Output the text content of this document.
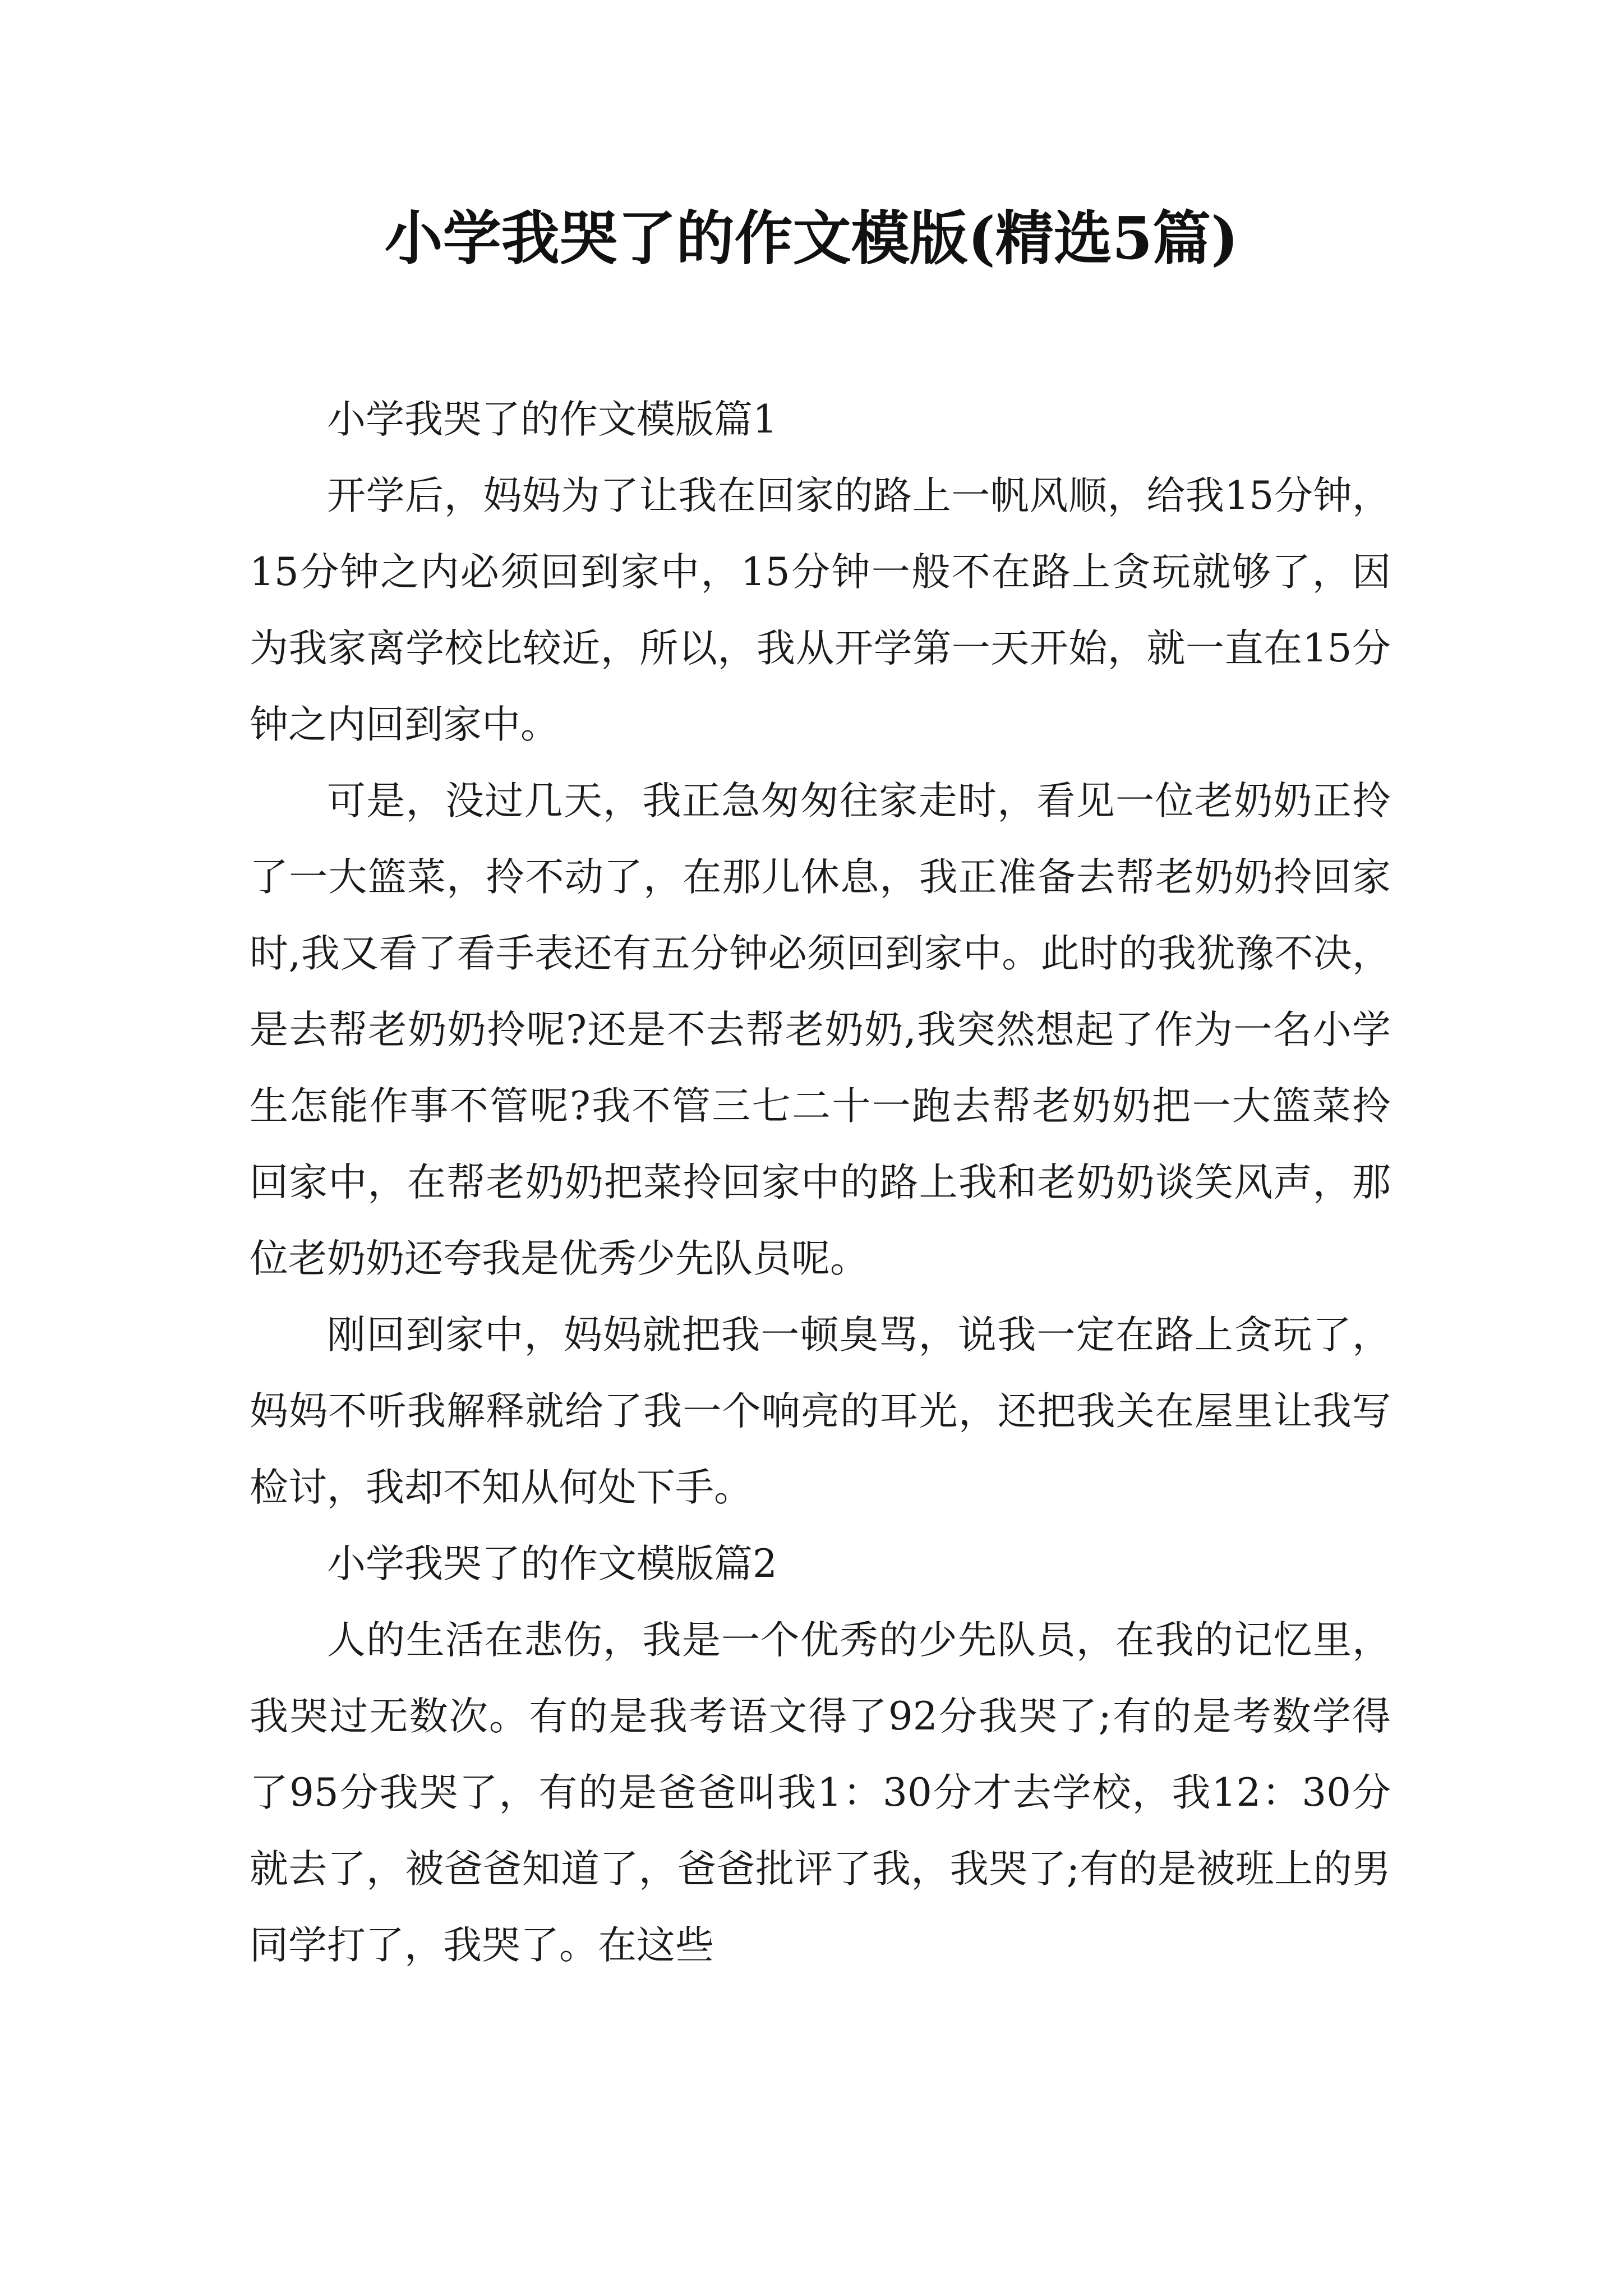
小学我哭了的作文模版(精选5篇)

小学我哭了的作文模版篇1

开学后，妈妈为了让我在回家的路上一帆风顺，给我15分钟，15分钟之内必须回到家中，15分钟一般不在路上贪玩就够了，因为我家离学校比较近，所以，我从开学第一天开始，就一直在15分钟之内回到家中。

可是，没过几天，我正急匆匆往家走时，看见一位老奶奶正拎了一大篮菜，拎不动了，在那儿休息，我正准备去帮老奶奶拎回家时,我又看了看手表还有五分钟必须回到家中。此时的我犹豫不决，是去帮老奶奶拎呢?还是不去帮老奶奶,我突然想起了作为一名小学生怎能作事不管呢?我不管三七二十一跑去帮老奶奶把一大篮菜拎回家中，在帮老奶奶把菜拎回家中的路上我和老奶奶谈笑风声，那位老奶奶还夸我是优秀少先队员呢。

刚回到家中，妈妈就把我一顿臭骂，说我一定在路上贪玩了，妈妈不听我解释就给了我一个响亮的耳光，还把我关在屋里让我写检讨，我却不知从何处下手。

小学我哭了的作文模版篇2

人的生活在悲伤，我是一个优秀的少先队员，在我的记忆里，我哭过无数次。有的是我考语文得了92分我哭了;有的是考数学得了95分我哭了，有的是爸爸叫我1：30分才去学校，我12：30分就去了，被爸爸知道了，爸爸批评了我，我哭了;有的是被班上的男同学打了，我哭了。在这些
